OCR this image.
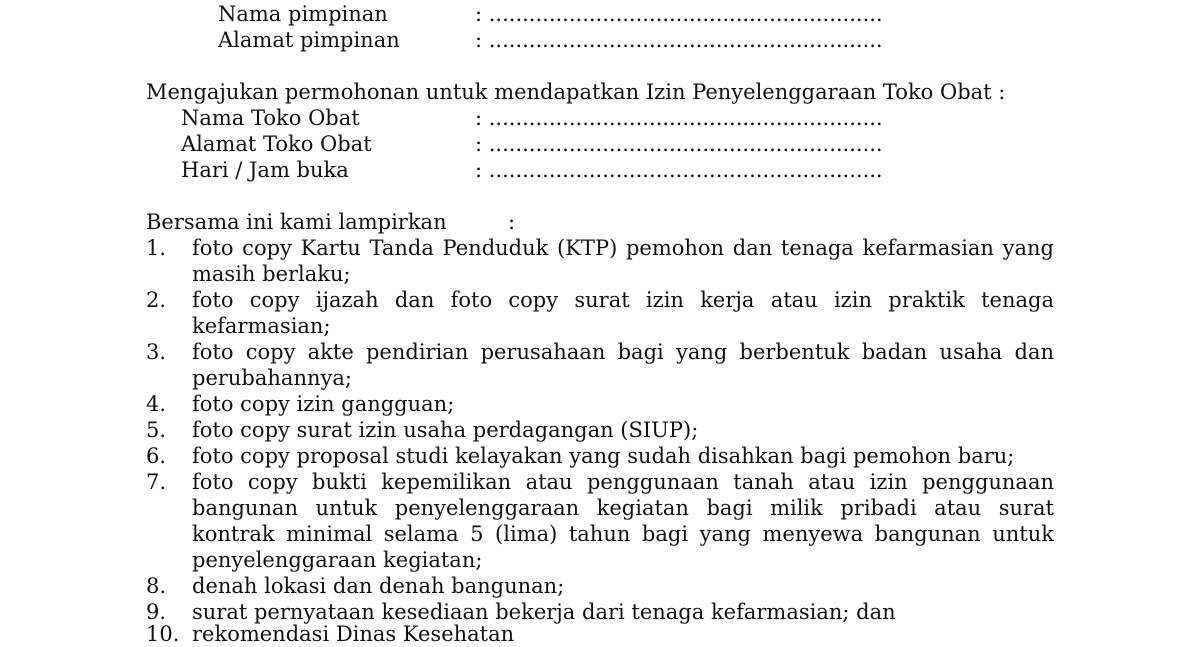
Nama pimpinan	: ...........................................................
Alamat pimpinan	: ...........................................................
Mengajukan permohonan untuk mendapatkan Izin Penyelenggaraan Toko Obat :
Nama Toko Obat	: ...........................................................
Alamat Toko Obat	: ...........................................................
Hari / Jam buka	: ...........................................................
Bersama ini kami lampirkan	:
1. foto copy Kartu Tanda Penduduk (KTP) pemohon dan tenaga kefarmasian yang masih berlaku;
2. foto copy ijazah dan foto copy surat izin kerja atau izin praktik tenaga kefarmasian;
3. foto copy akte pendirian perusahaan bagi yang berbentuk badan usaha dan perubahannya;
4. foto copy izin gangguan;
5. foto copy surat izin usaha perdagangan (SIUP);
6. foto copy proposal studi kelayakan yang sudah disahkan bagi pemohon baru;
7. foto copy bukti kepemilikan atau penggunaan tanah atau izin penggunaan bangunan untuk penyelenggaraan kegiatan bagi milik pribadi atau surat kontrak minimal selama 5 (lima) tahun bagi yang menyewa bangunan untuk penyelenggaraan kegiatan;
8. denah lokasi dan denah bangunan;
9. surat pernyataan kesediaan bekerja dari tenaga kefarmasian; dan
10. rekomendasi Dinas Kesehatan
